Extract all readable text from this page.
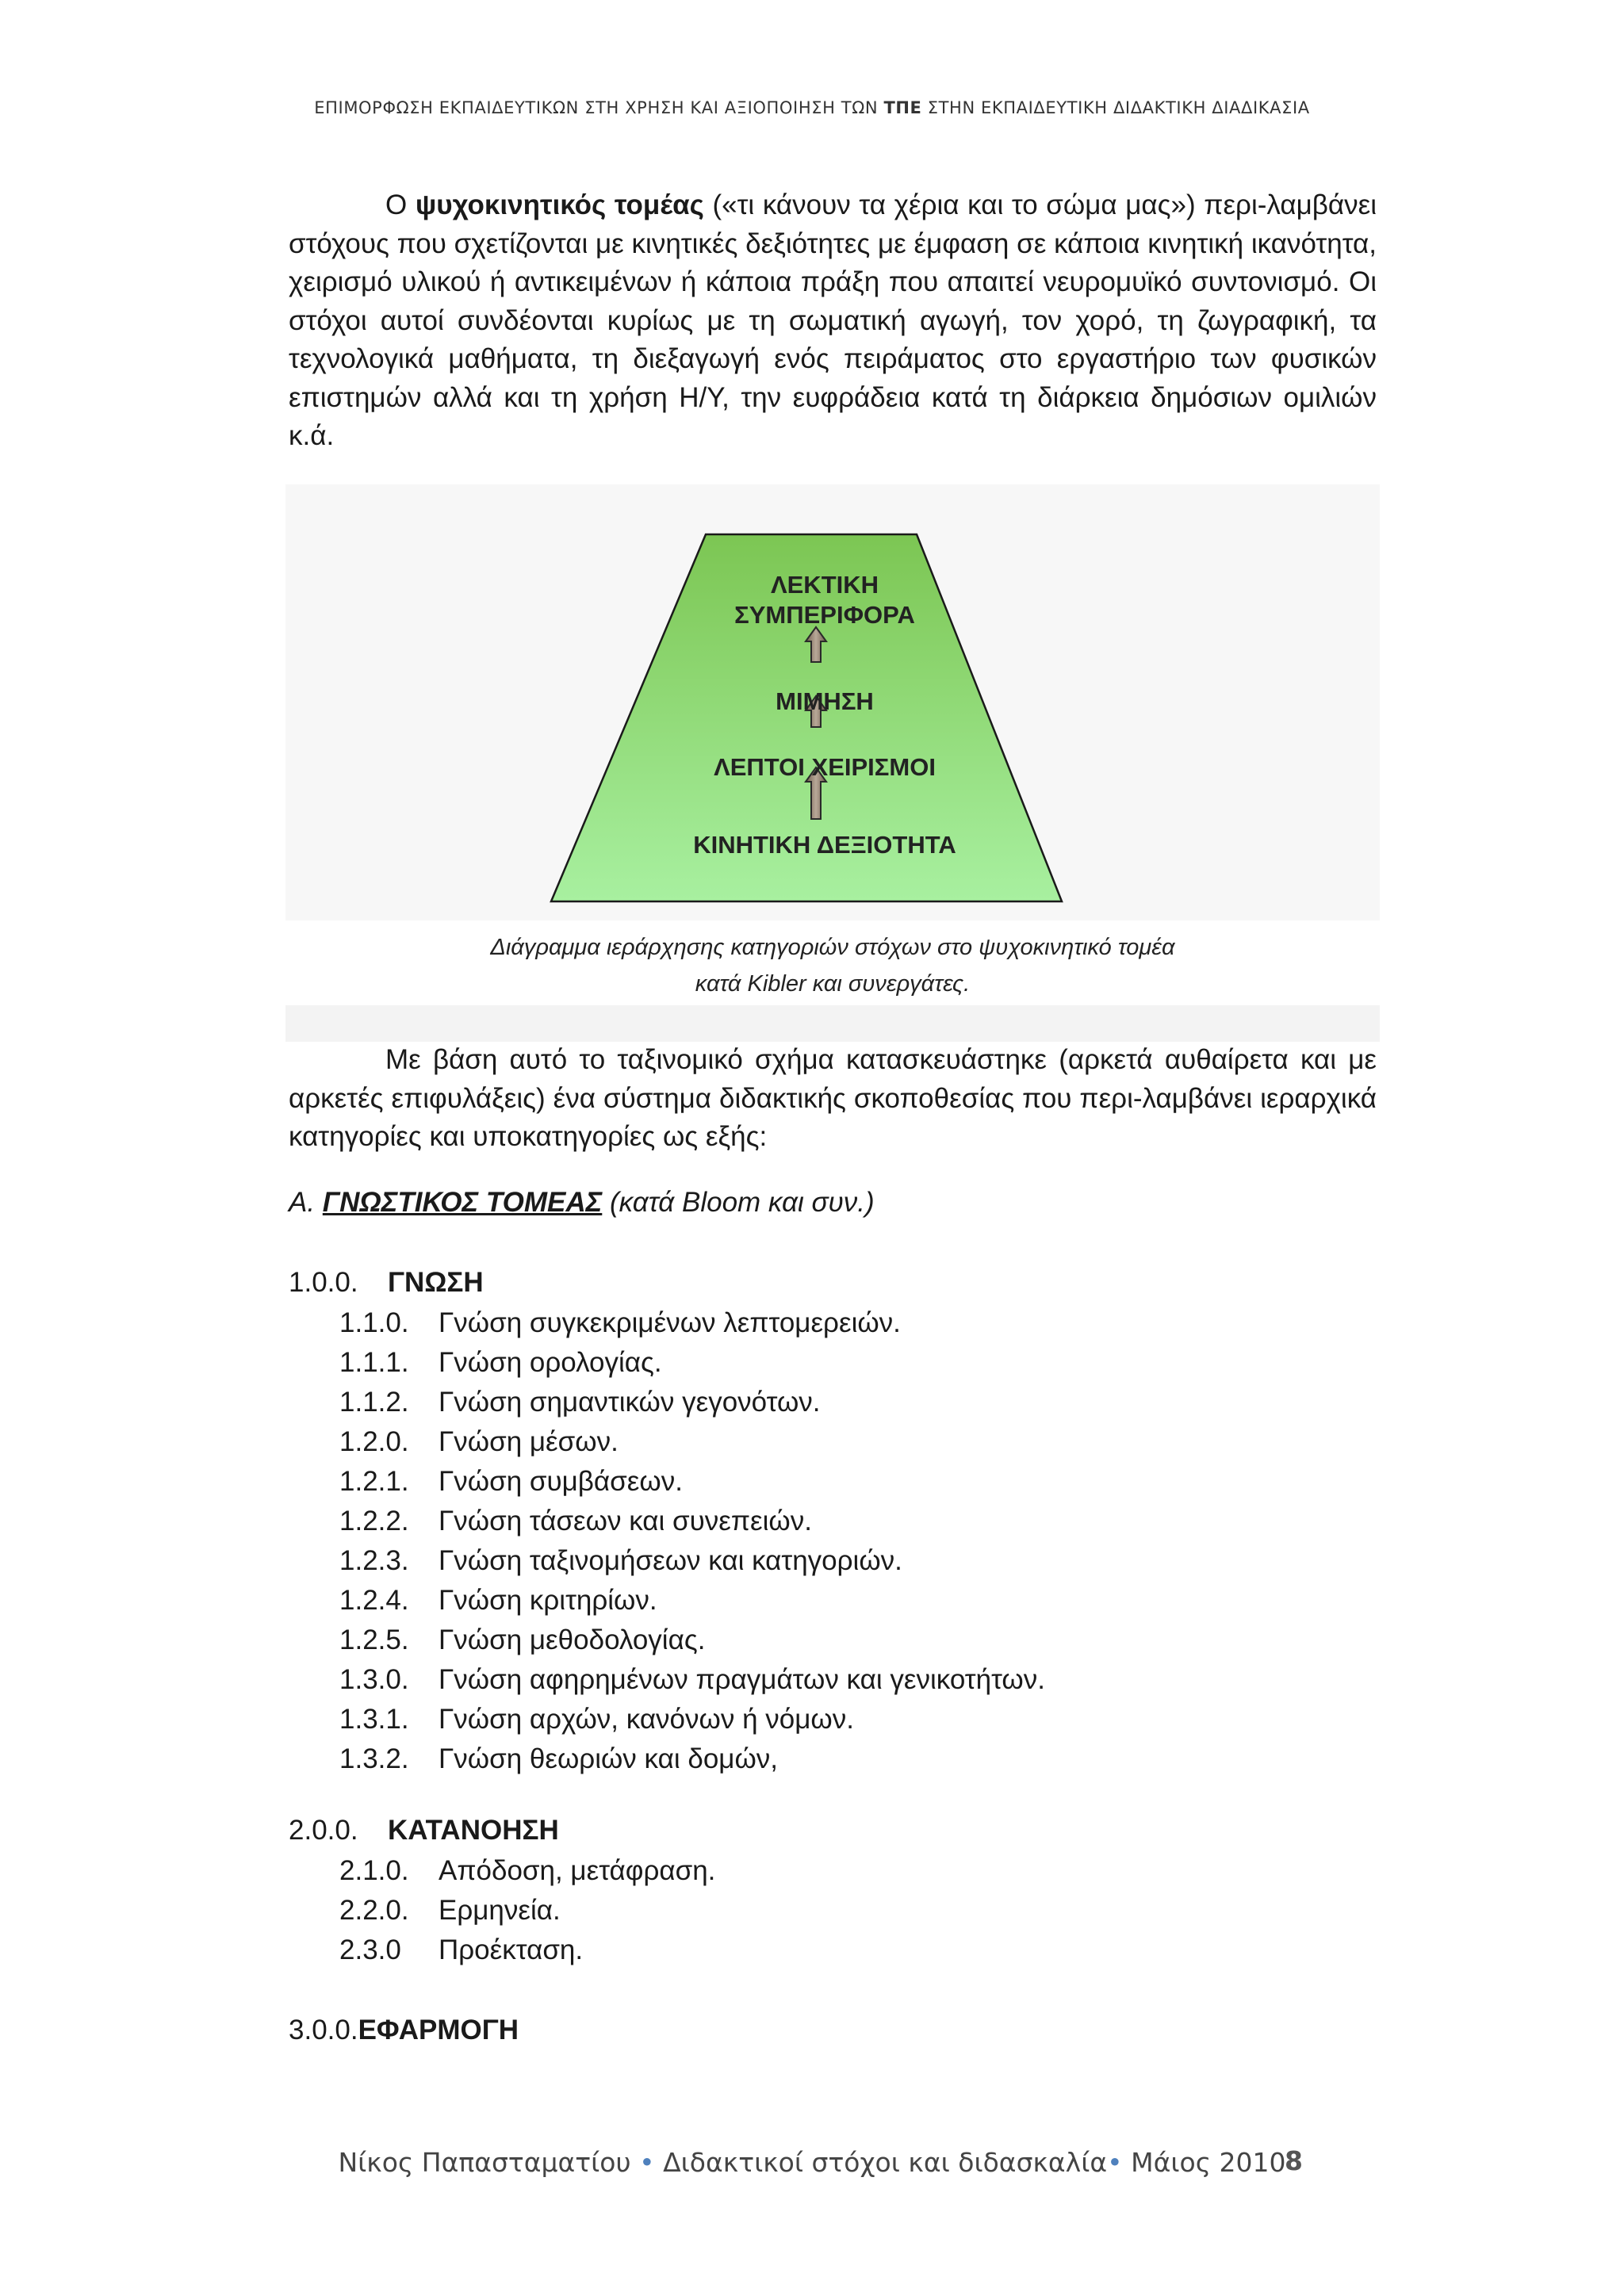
ΕΠΙΜΟΡΦΩΣΗ ΕΚΠΑΙΔΕΥΤΙΚΩΝ ΣΤΗ ΧΡΗΣΗ ΚΑΙ ΑΞΙΟΠΟΙΗΣΗ ΤΩΝ ΤΠΕ ΣΤΗΝ ΕΚΠΑΙΔΕΥΤΙΚΗ ΔΙΔΑΚΤΙΚΗ ΔΙΑΔΙΚΑΣΙΑ
Ο ψυχοκινητικός τομέας («τι κάνουν τα χέρια και το σώμα μας») περι-λαμβάνει στόχους που σχετίζονται με κινητικές δεξιότητες με έμφαση σε κάποια κινητική ικανότητα, χειρισμό υλικού ή αντικειμένων ή κάποια πράξη που απαιτεί νευρομυϊκό συντονισμό. Οι στόχοι αυτοί συνδέονται κυρίως με τη σωματική αγωγή, τον χορό, τη ζωγραφική, τα τεχνολογικά μαθήματα, τη διεξαγωγή ενός πειράματος στο εργαστήριο των φυσικών επιστημών αλλά και τη χρήση Η/Υ, την ευφράδεια κατά τη διάρκεια δημόσιων ομιλιών κ.ά.
ΛΕΚΤΙΚΗ
ΣΥΜΠΕΡΙΦΟΡΑ
ΜΙΜΗΣΗ
ΛΕΠΤΟΙ ΧΕΙΡΙΣΜΟΙ
ΚΙΝΗΤΙΚΗ ΔΕΞΙΟΤΗΤΑ
Διάγραμμα ιεράρχησης κατηγοριών στόχων στο ψυχοκινητικό τομέα
κατά Kibler και συνεργάτες.
Με βάση αυτό το ταξινομικό σχήμα κατασκευάστηκε (αρκετά αυθαίρετα και με αρκετές επιφυλάξεις) ένα σύστημα διδακτικής σκοποθεσίας που περι-λαμβάνει ιεραρχικά κατηγορίες και υποκατηγορίες ως εξής:
Α. ΓΝΩΣΤΙΚΟΣ ΤΟΜΕΑΣ (κατά Bloom και συν.)
1.0.0. ΓΝΩΣΗ
1.1.0. Γνώση συγκεκριμένων λεπτομερειών.
1.1.1. Γνώση ορολογίας.
1.1.2. Γνώση σημαντικών γεγονότων.
1.2.0. Γνώση μέσων.
1.2.1. Γνώση συμβάσεων.
1.2.2. Γνώση τάσεων και συνεπειών.
1.2.3. Γνώση ταξινομήσεων και κατηγοριών.
1.2.4. Γνώση κριτηρίων.
1.2.5. Γνώση μεθοδολογίας.
1.3.0. Γνώση αφηρημένων πραγμάτων και γενικοτήτων.
1.3.1. Γνώση αρχών, κανόνων ή νόμων.
1.3.2. Γνώση θεωριών και δομών,
2.0.0. ΚΑΤΑΝΟΗΣΗ
2.1.0. Απόδοση, μετάφραση.
2.2.0. Ερμηνεία.
2.3.0 Προέκταση.
3.0.0.ΕΦΑΡΜΟΓΗ
Νίκος Παπασταματίου • Διδακτικοί στόχοι και διδασκαλία• Μάιος 2010
8
